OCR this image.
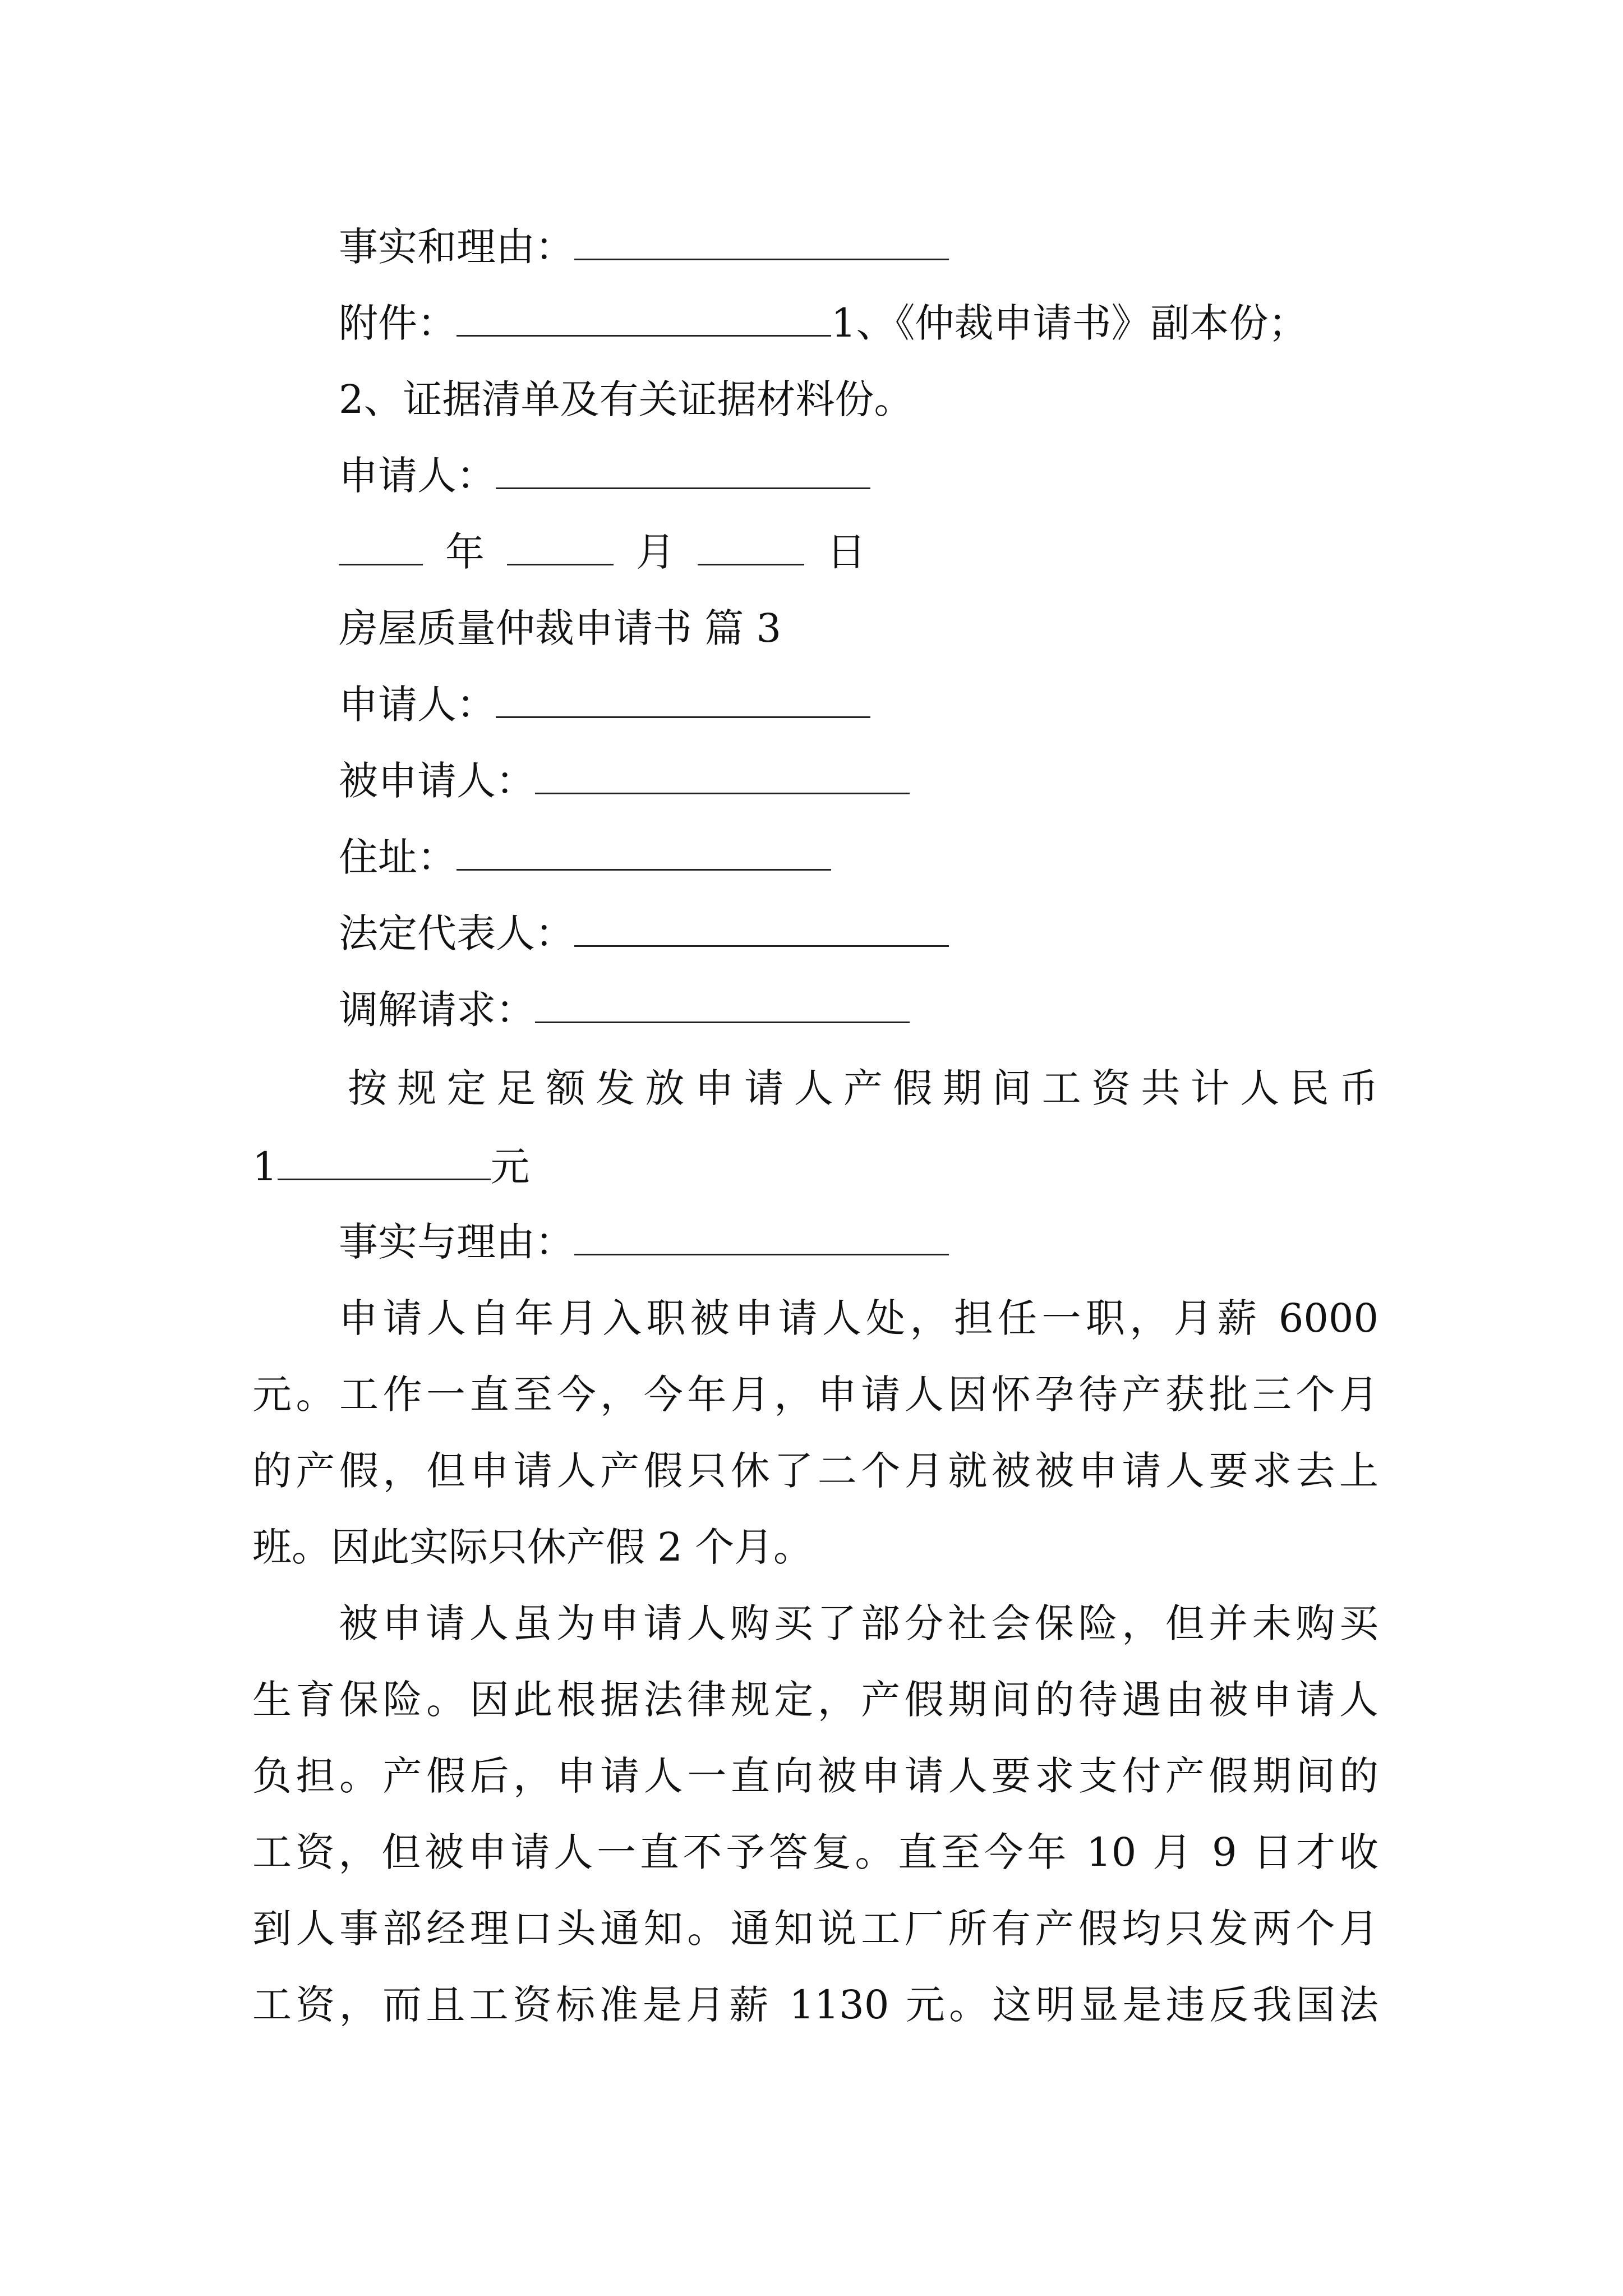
事实和理由：
附件：	1、《仲裁申请书》副本份；
2、证据清单及有关证据材料份。
申请人：
年	月	日
房屋质量仲裁申请书 篇 3
申请人：
被申请人：
住址：
法定代表人：
调解请求：
按规定足额发放申请人产假期间工资共计人民币
1	元
事实与理由：
申请人自年月入职被申请人处，担任一职，月薪 6000
元。工作一直至今，今年月，申请人因怀孕待产获批三个月
的产假，但申请人产假只休了二个月就被被申请人要求去上
班。因此实际只休产假 2 个月。
被申请人虽为申请人购买了部分社会保险，但并未购买
生育保险。因此根据法律规定，产假期间的待遇由被申请人
负担。产假后，申请人一直向被申请人要求支付产假期间的
工资，但被申请人一直不予答复。直至今年 10 月 9 日才收
到人事部经理口头通知。通知说工厂所有产假均只发两个月
工资，而且工资标准是月薪 1130 元。这明显是违反我国法
